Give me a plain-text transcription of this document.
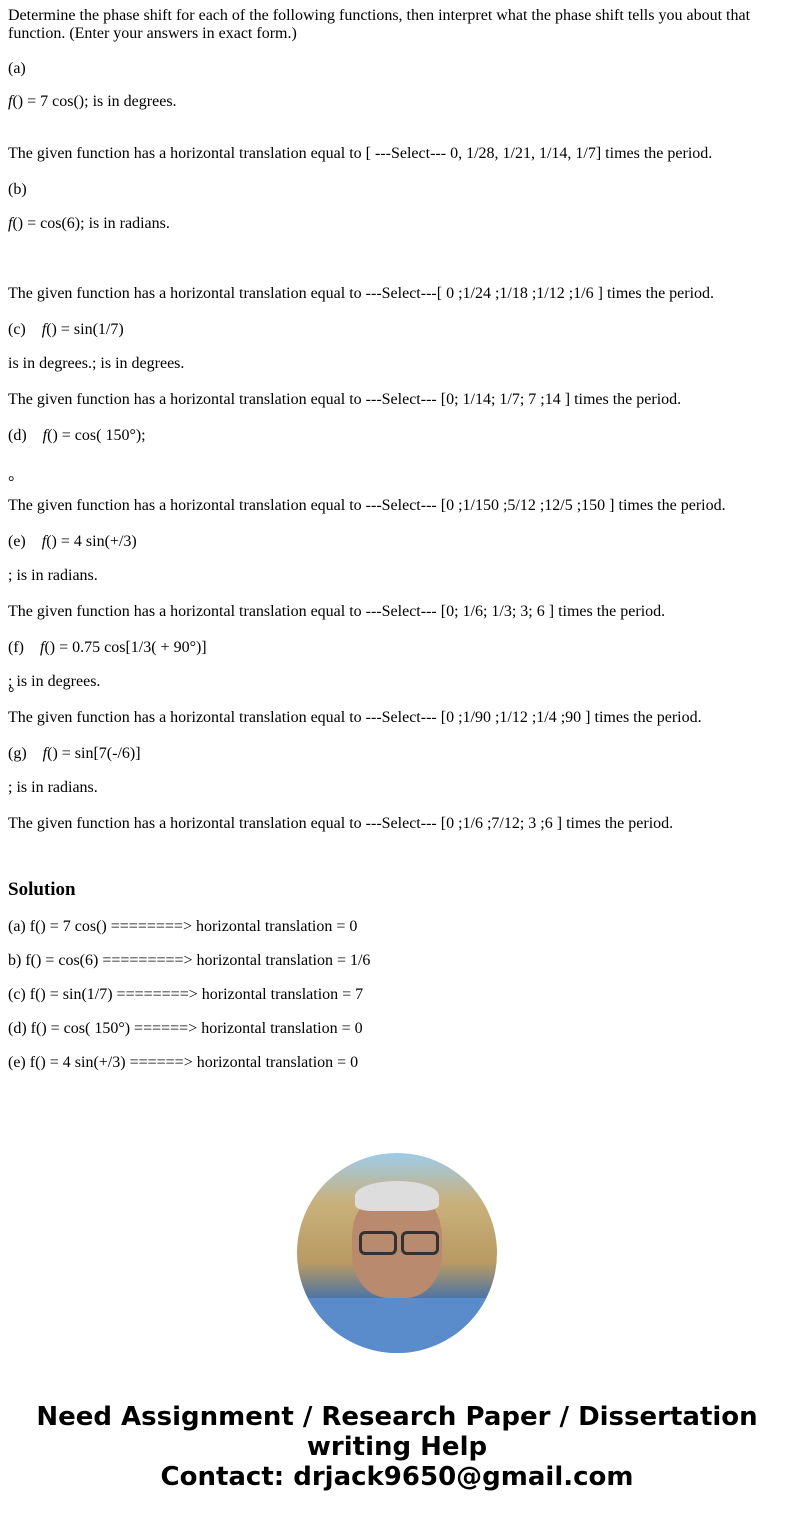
Determine the phase shift for each of the following functions, then interpret what the phase shift tells you about that function. (Enter your answers in exact form.)
(a)
f() = 7 cos(); is in degrees.
The given function has a horizontal translation equal to [ ---Select--- 0, 1/28, 1/21, 1/14, 1/7] times the period.
(b)
f() = cos(6); is in radians.
The given function has a horizontal translation equal to ---Select---[ 0 ;1/24 ;1/18 ;1/12 ;1/6 ] times the period.
(c) f() = sin(1/7)
is in degrees.; is in degrees.
The given function has a horizontal translation equal to ---Select--- [0; 1/14; 1/7; 7 ;14 ] times the period.
(d) f() = cos( 150°);
°
The given function has a horizontal translation equal to ---Select--- [0 ;1/150 ;5/12 ;12/5 ;150 ] times the period.
(e) f() = 4 sin(+/3)
; is in radians.
The given function has a horizontal translation equal to ---Select--- [0; 1/6; 1/3; 3; 6 ] times the period.
(f) f() = 0.75 cos[1/3( + 90°)]
; is in degrees.
°
The given function has a horizontal translation equal to ---Select--- [0 ;1/90 ;1/12 ;1/4 ;90 ] times the period.
(g) f() = sin[7(-/6)]
; is in radians.
The given function has a horizontal translation equal to ---Select--- [0 ;1/6 ;7/12; 3 ;6 ] times the period.
Solution
(a) f() = 7 cos() ========> horizontal translation = 0
b) f() = cos(6) =========> horizontal translation = 1/6
(c) f() = sin(1/7) ========> horizontal translation = 7
(d) f() = cos( 150°) ======> horizontal translation = 0
(e) f() = 4 sin(+/3) ======> horizontal translation = 0
Need Assignment / Research Paper / Dissertation
writing Help
Contact: drjack9650@gmail.com
